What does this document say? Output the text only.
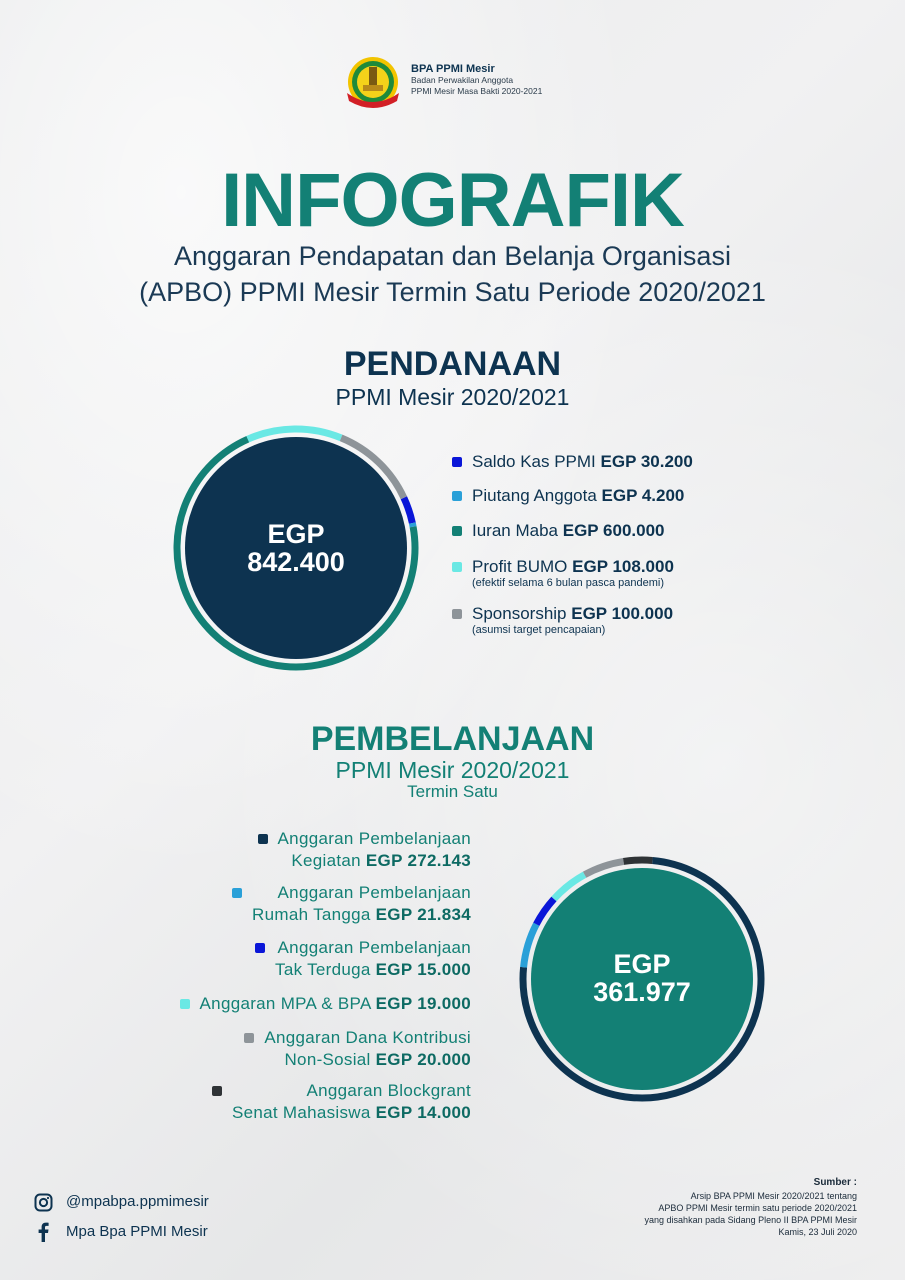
BPA PPMI Mesir
Badan Perwakilan Anggota
PPMI Mesir Masa Bakti 2020-2021
INFOGRAFIK
Anggaran Pendapatan dan Belanja Organisasi
(APBO) PPMI Mesir Termin Satu Periode 2020/2021
PENDANAAN
PPMI Mesir 2020/2021
EGP
842.400
Saldo Kas PPMI EGP 30.200
Piutang Anggota EGP 4.200
Iuran Maba EGP 600.000
Profit BUMO EGP 108.000
(efektif selama 6 bulan pasca pandemi)
Sponsorship EGP 100.000
(asumsi target pencapaian)
PEMBELANJAAN
PPMI Mesir 2020/2021
Termin Satu
Anggaran Pembelanjaan
Kegiatan EGP 272.143
Anggaran Pembelanjaan
Rumah Tangga EGP 21.834
Anggaran Pembelanjaan
Tak Terduga EGP 15.000
Anggaran MPA & BPA EGP 19.000
Anggaran Dana Kontribusi
Non-Sosial EGP 20.000
Anggaran Blockgrant
Senat Mahasiswa EGP 14.000
EGP
361.977
@mpabpa.ppmimesir
Mpa Bpa PPMI Mesir
Sumber :
Arsip BPA PPMI Mesir 2020/2021 tentang
APBO PPMI Mesir termin satu periode 2020/2021
yang disahkan pada Sidang Pleno II BPA PPMI Mesir
Kamis, 23 Juli 2020
